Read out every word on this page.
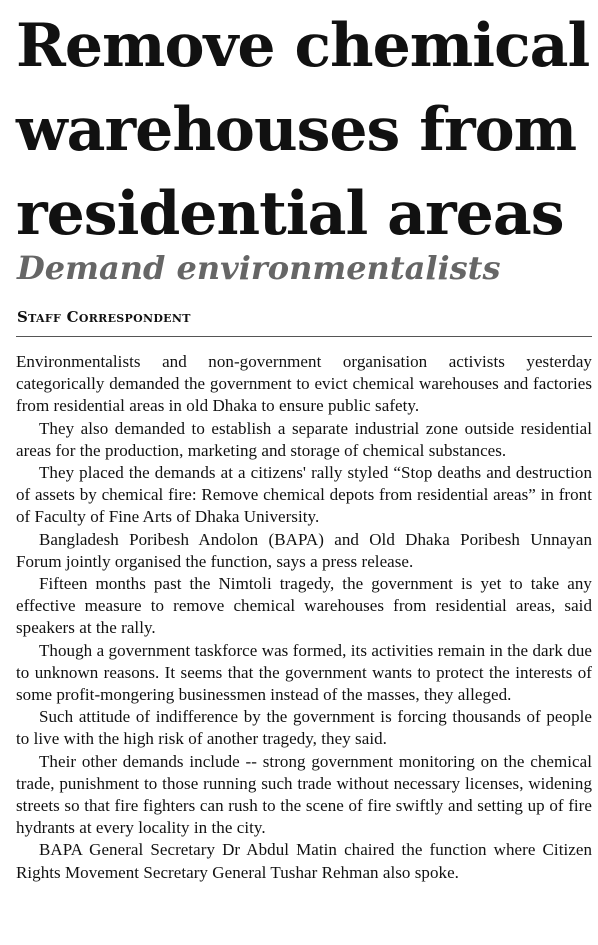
Remove chemical warehouses from residential areas
Demand environmentalists
Staff Correspondent

Environmentalists and non-government organisation activists yesterday categorically demanded the government to evict chemical warehouses and factories from residential areas in old Dhaka to ensure public safety.

They also demanded to establish a separate industrial zone outside residential areas for the production, marketing and storage of chemical substances.

They placed the demands at a citizens' rally styled “Stop deaths and destruction of assets by chemical fire: Remove chemical depots from residential areas” in front of Faculty of Fine Arts of Dhaka University.

Bangladesh Poribesh Andolon (BAPA) and Old Dhaka Poribesh Unnayan Forum jointly organised the function, says a press release.

Fifteen months past the Nimtoli tragedy, the government is yet to take any effective measure to remove chemical warehouses from residential areas, said speakers at the rally.

Though a government taskforce was formed, its activities remain in the dark due to unknown reasons. It seems that the government wants to protect the interests of some profit-mongering businessmen instead of the masses, they alleged.

Such attitude of indifference by the government is forcing thousands of people to live with the high risk of another tragedy, they said.

Their other demands include -- strong government monitoring on the chemical trade, punishment to those running such trade without necessary licenses, widening streets so that fire fighters can rush to the scene of fire swiftly and setting up of fire hydrants at every locality in the city.

BAPA General Secretary Dr Abdul Matin chaired the function where Citizen Rights Movement Secretary General Tushar Rehman also spoke.
